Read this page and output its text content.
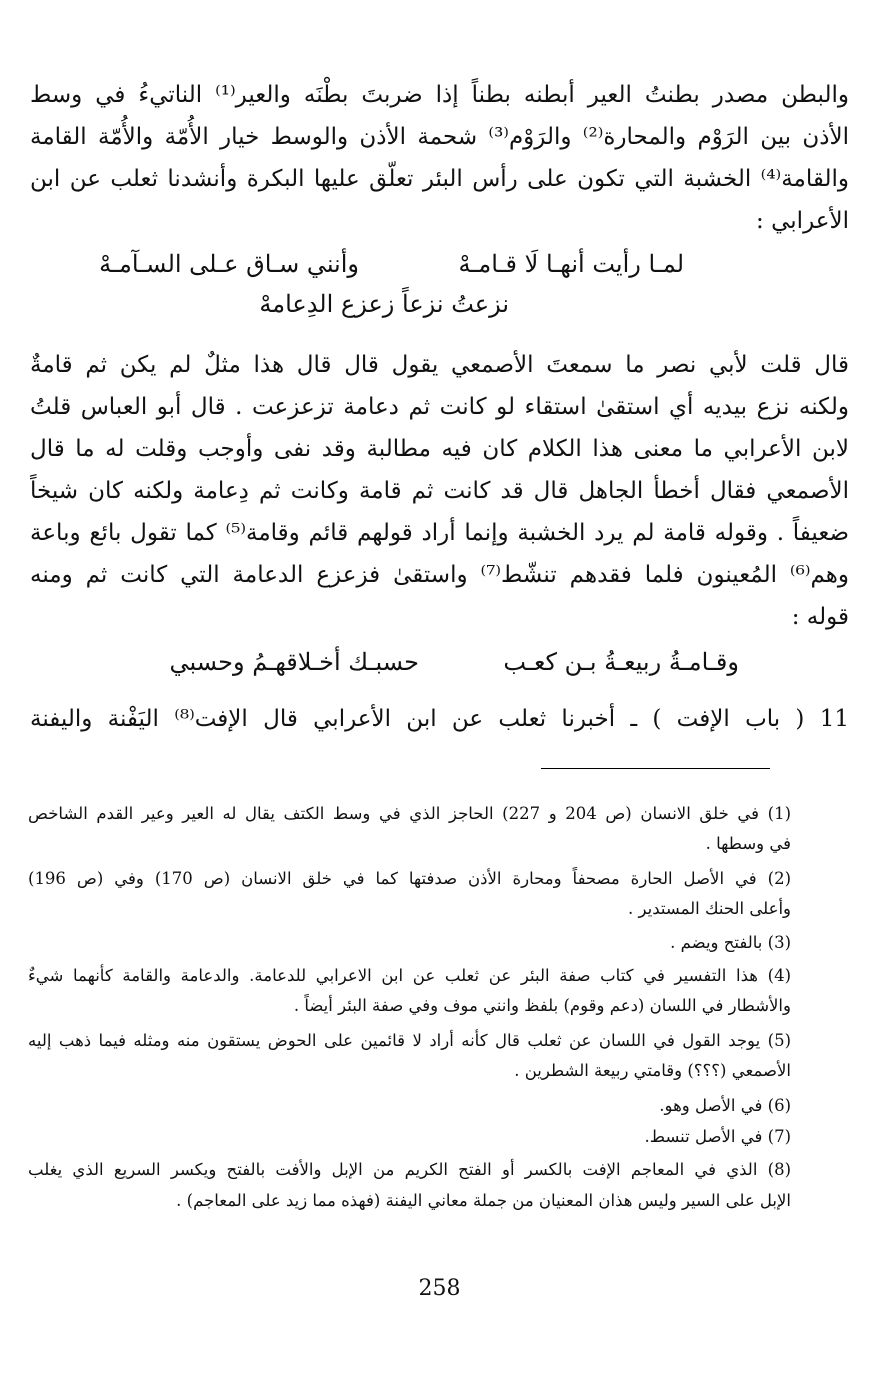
والبطن مصدر بطنتُ العير أبطنه بطناً إذا ضربتَ بطْنَه والعير⁽¹⁾ الناتيءُ في وسط
الأذن بين الرَوْم والمحارة⁽²⁾ والرَوْم⁽³⁾ شحمة الأذن والوسط خيار الأُمّة والأُمّة القامة
والقامة⁽⁴⁾ الخشبة التي تكون على رأس البئر تعلّق عليها البكرة وأنشدنا ثعلب عن ابن
الأعرابي :
لمـا رأيت أنهـا لَا قـامـهْ
وأنني سـاق عـلى السـآمـهْ
نزعتُ نزعاً زعزع الدِعامهْ
قال قلت لأبي نصر ما سمعتَ الأصمعي يقول قال قال هذا مثلٌ لم يكن ثم قامةٌ
ولكنه نزع بيديه أي استقىٰ استقاء لو كانت ثم دعامة تزعزعت . قال أبو العباس قلتُ
لابن الأعرابي ما معنى هذا الكلام كان فيه مطالبة وقد نفى وأوجب وقلت له ما قال
الأصمعي فقال أخطأ الجاهل قال قد كانت ثم قامة وكانت ثم دِعامة ولكنه كان شيخاً
ضعيفاً . وقوله قامة لم يرد الخشبة وإنما أراد قولهم قائم وقامة⁽⁵⁾ كما تقول بائع وباعة
وهم⁽⁶⁾ المُعينون فلما فقدهم تنشّط⁽⁷⁾ واستقىٰ فزعزع الدعامة التي كانت ثم ومنه
قوله :
وقـامـةُ ربيعـةُ بـن كعـب
حسبـك أخـلاقهـمُ وحسبي
11 ( باب الإفت ) ـ أخبرنا ثعلب عن ابن الأعرابي قال الإفت⁽⁸⁾ اليَفْنة واليفنة
(1) في خلق الانسان (ص 204 و 227) الحاجز الذي في وسط الكتف يقال له العير وعير القدم الشاخص
في وسطها .
(2) في الأصل الحارة مصحفاً ومحارة الأذن صدفتها كما في خلق الانسان (ص 170) وفي (ص 196)
وأعلى الحنك المستدير .
(3) بالفتح ويضم .
(4) هذا التفسير في كتاب صفة البئر عن ثعلب عن ابن الاعرابي للدعامة. والدعامة والقامة كأنهما شيءٌ
والأشطار في اللسان (دعم وقوم) بلفظ وانني موف وفي صفة البئر أيضاً .
(5) يوجد القول في اللسان عن ثعلب قال كأنه أراد لا قائمين على الحوض يستقون منه ومثله فيما ذهب إليه
الأصمعي (؟؟؟) وقامتي ربيعة الشطرين .
(6) في الأصل وهو.
(7) في الأصل تنسط.
(8) الذي في المعاجم الإفت بالكسر أو الفتح الكريم من الإبل والأفت بالفتح ويكسر السريع الذي يغلب
الإبل على السير وليس هذان المعنيان من جملة معاني اليفنة (فهذه مما زيد على المعاجم) .
258
